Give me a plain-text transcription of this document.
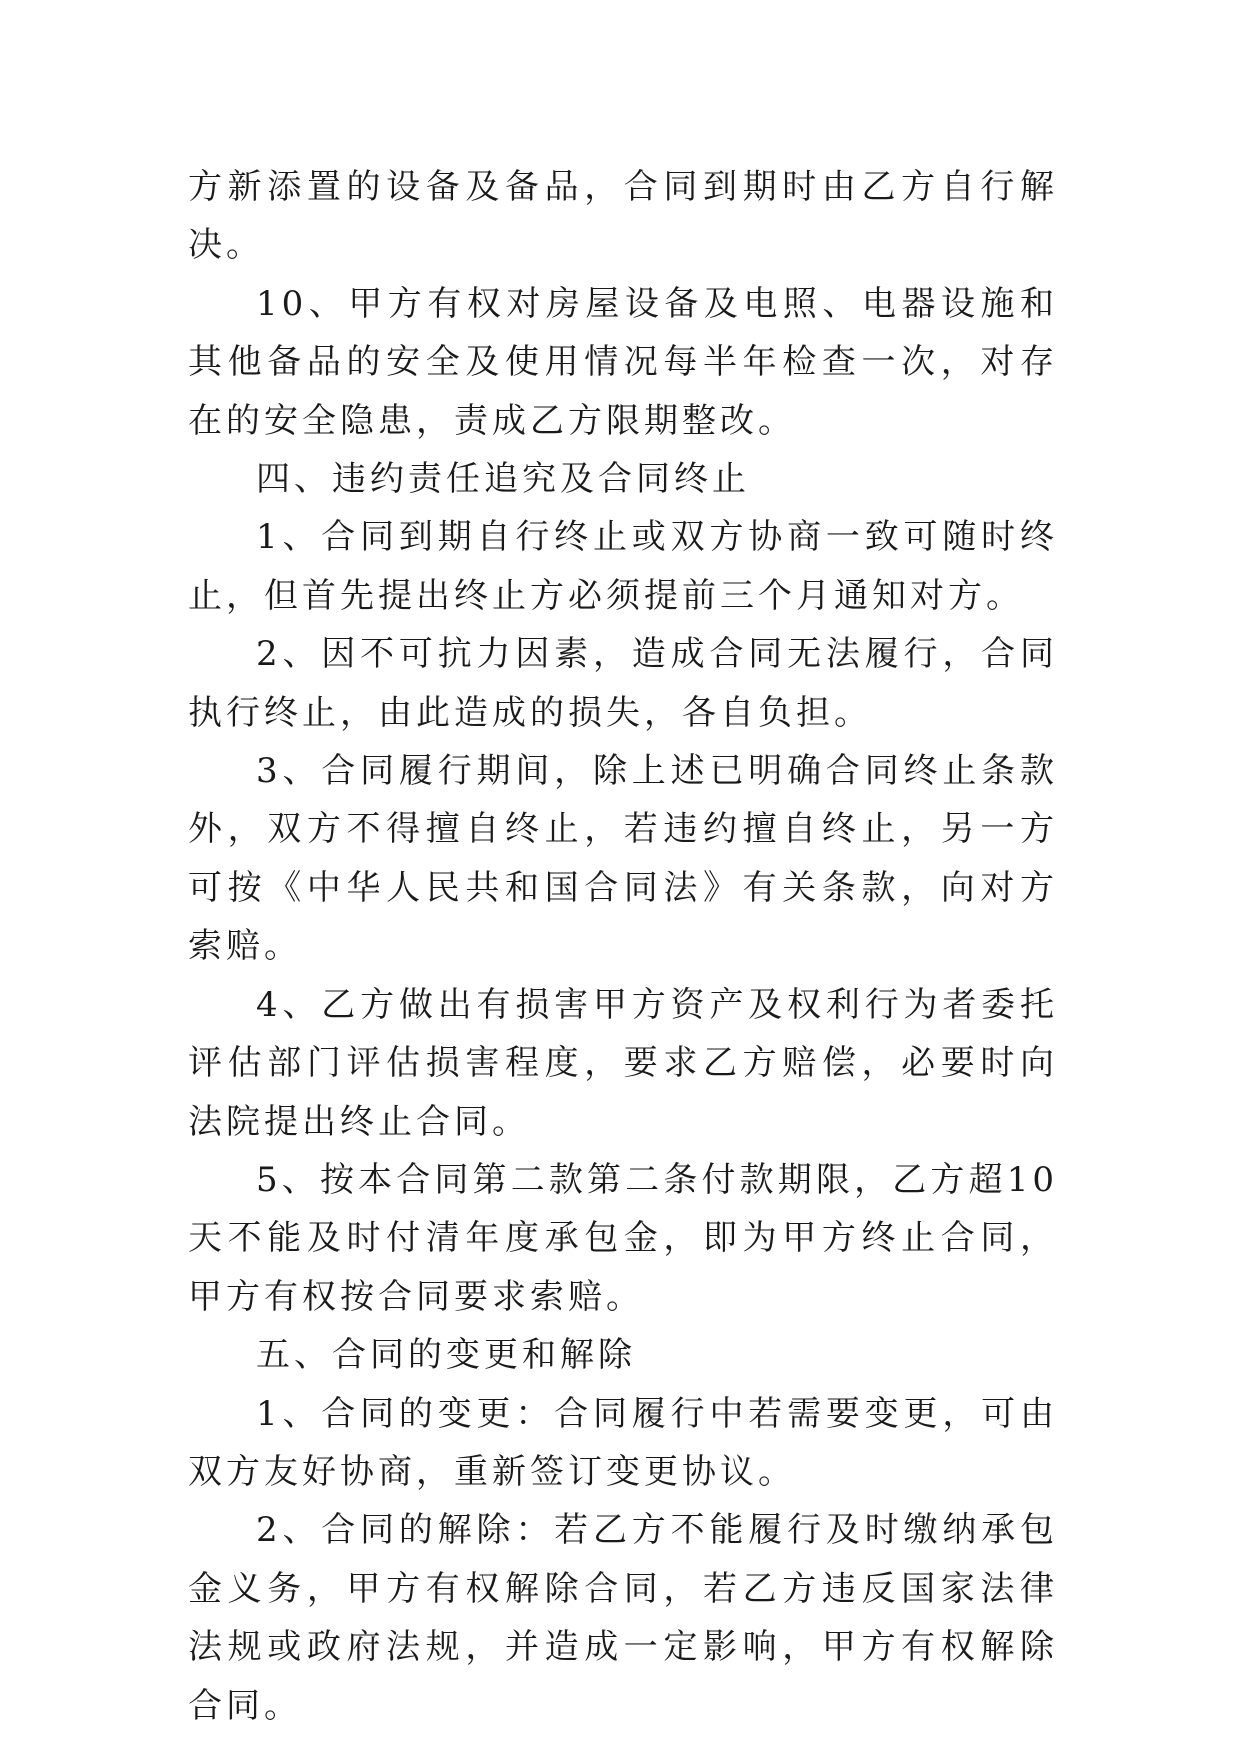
方新添置的设备及备品，合同到期时由乙方自行解决。

10、甲方有权对房屋设备及电照、电器设施和其他备品的安全及使用情况每半年检查一次，对存在的安全隐患，责成乙方限期整改。

四、违约责任追究及合同终止

1、合同到期自行终止或双方协商一致可随时终止，但首先提出终止方必须提前三个月通知对方。

2、因不可抗力因素，造成合同无法履行，合同执行终止，由此造成的损失，各自负担。

3、合同履行期间，除上述已明确合同终止条款外，双方不得擅自终止，若违约擅自终止，另一方可按《中华人民共和国合同法》有关条款，向对方索赔。

4、乙方做出有损害甲方资产及权利行为者委托评估部门评估损害程度，要求乙方赔偿，必要时向法院提出终止合同。

5、按本合同第二款第二条付款期限，乙方超10天不能及时付清年度承包金，即为甲方终止合同，甲方有权按合同要求索赔。

五、合同的变更和解除

1、合同的变更：合同履行中若需要变更，可由双方友好协商，重新签订变更协议。

2、合同的解除：若乙方不能履行及时缴纳承包金义务，甲方有权解除合同，若乙方违反国家法律法规或政府法规，并造成一定影响，甲方有权解除合同。
